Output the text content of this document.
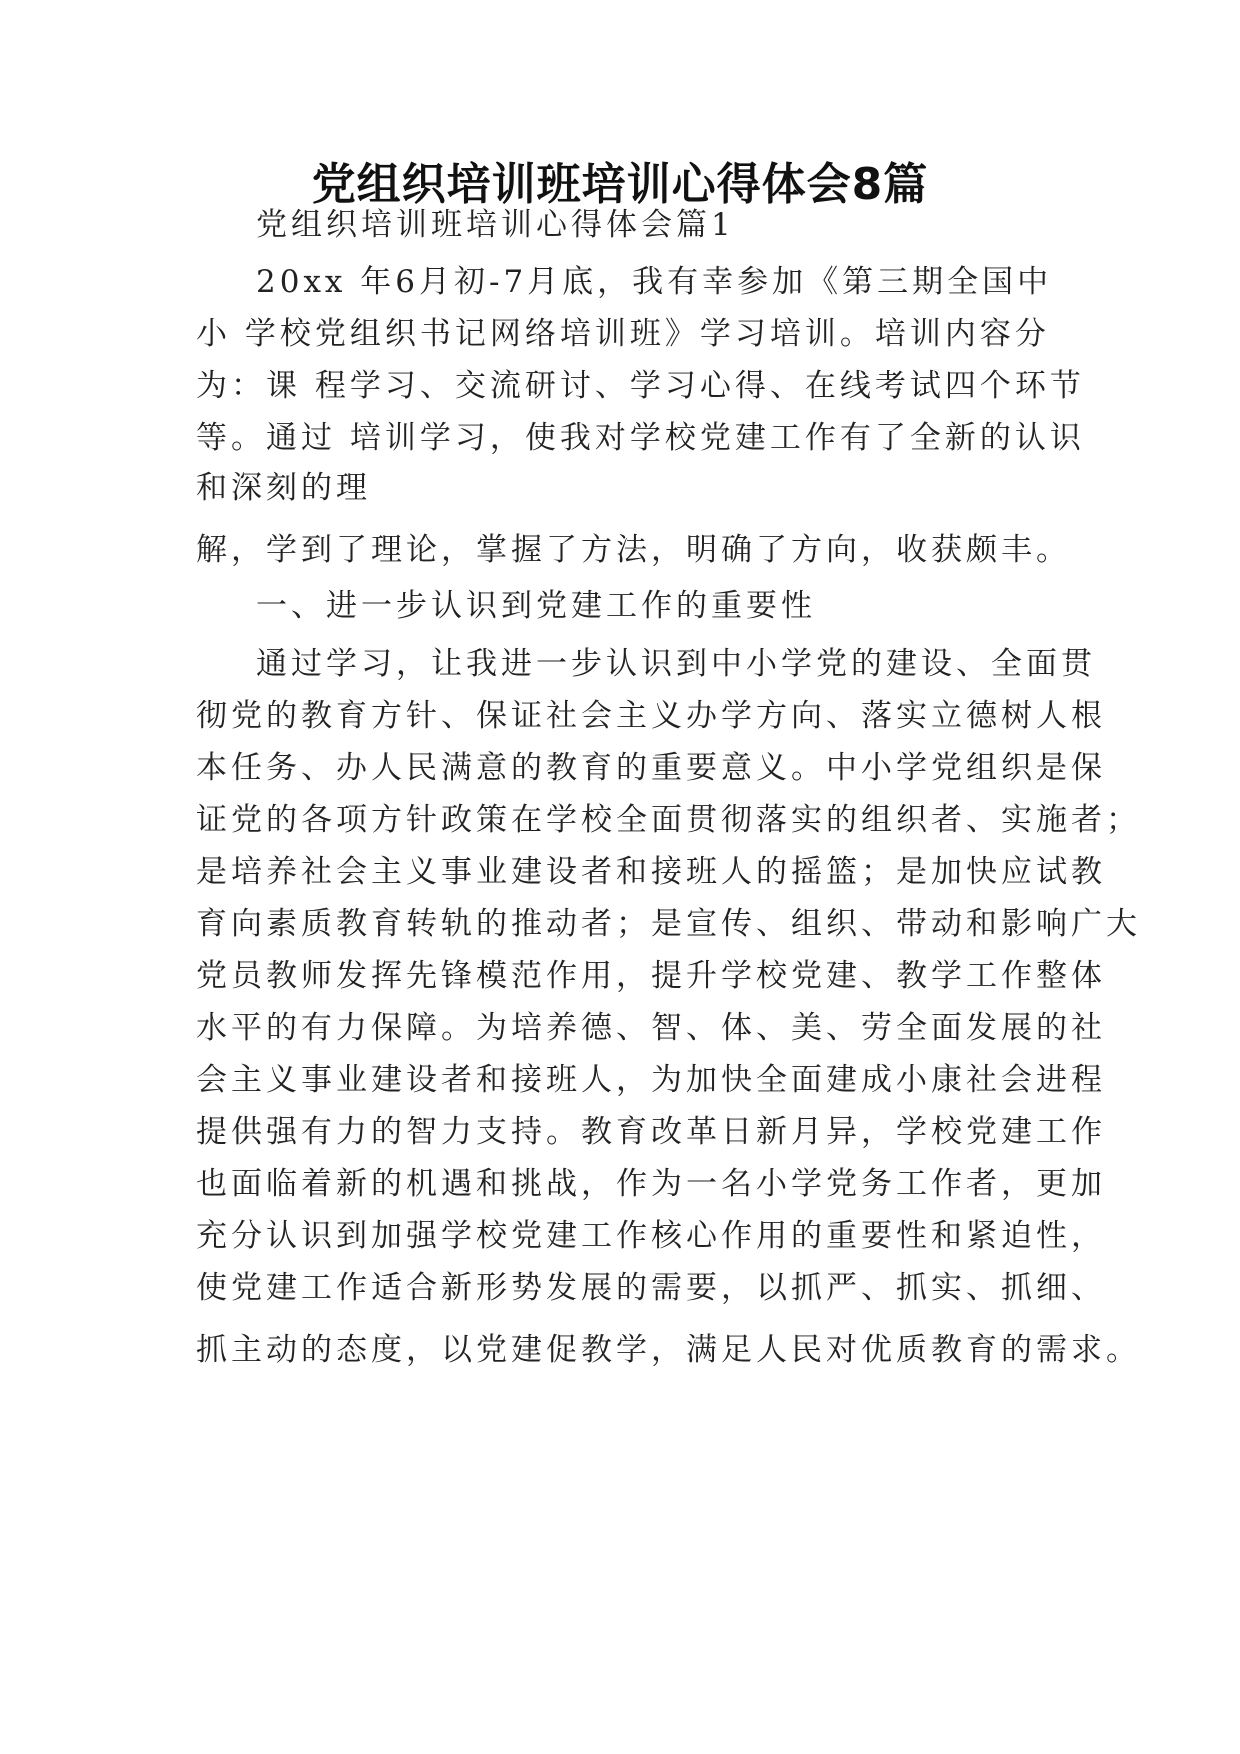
党组织培训班培训心得体会8篇

党组织培训班培训心得体会篇1

20xx 年6月初-7月底，我有幸参加《第三期全国中

小 学校党组织书记网络培训班》学习培训。培训内容分

为：课 程学习、交流研讨、学习心得、在线考试四个环节

等。通过 培训学习，使我对学校党建工作有了全新的认识

和深刻的理

解，学到了理论，掌握了方法，明确了方向，收获颇丰。

一、进一步认识到党建工作的重要性

通过学习，让我进一步认识到中小学党的建设、全面贯

彻党的教育方针、保证社会主义办学方向、落实立德树人根

本任务、办人民满意的教育的重要意义。中小学党组织是保

证党的各项方针政策在学校全面贯彻落实的组织者、实施者；

是培养社会主义事业建设者和接班人的摇篮；是加快应试教

育向素质教育转轨的推动者；是宣传、组织、带动和影响广大

党员教师发挥先锋模范作用，提升学校党建、教学工作整体

水平的有力保障。为培养德、智、体、美、劳全面发展的社

会主义事业建设者和接班人，为加快全面建成小康社会进程

提供强有力的智力支持。教育改革日新月异，学校党建工作

也面临着新的机遇和挑战，作为一名小学党务工作者，更加

充分认识到加强学校党建工作核心作用的重要性和紧迫性，

使党建工作适合新形势发展的需要，以抓严、抓实、抓细、

抓主动的态度，以党建促教学，满足人民对优质教育的需求。
